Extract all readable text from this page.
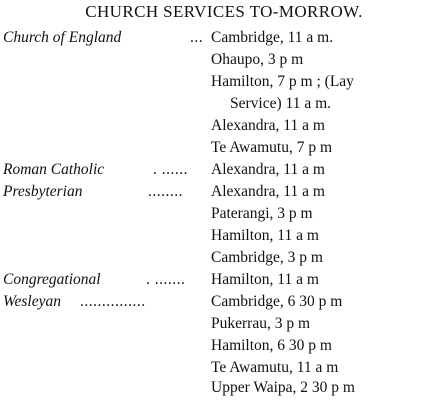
CHURCH SERVICES TO-MORROW.
Church of England	... Cambridge, 11 a m.
Ohaupo, 3 p m
Hamilton, 7 p m ; (Lay
Service) 11 a m.
Alexandra, 11 a m
Te Awamutu, 7 p m
Roman Catholic	. ...... Alexandra, 11 a m
Presbyterian	........ Alexandra, 11 a m
Paterangi, 3 p m
Hamilton, 11 a m
Cambridge, 3 p m
Congregational	. ....... Hamilton, 11 a m
Wesleyan ...............	Cambridge, 6 30 p m
Pukerrau, 3 p m
Hamilton, 6 30 p m
Te Awamutu, 11 a m
Upper Waipa, 2 30 p m
